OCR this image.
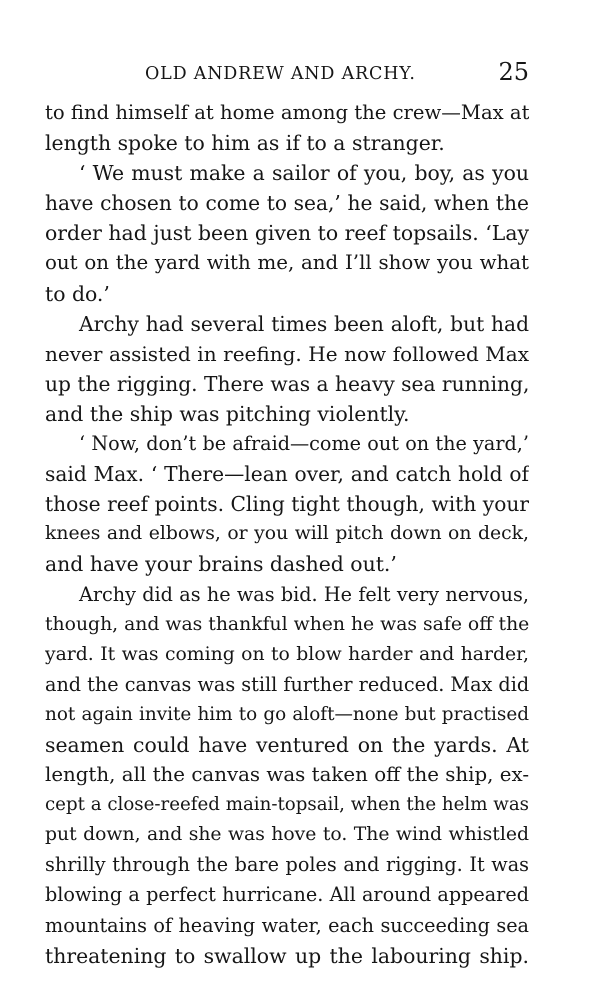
OLD ANDREW AND ARCHY.	25
to find himself at home among the crew—Max at
length spoke to him as if to a stranger.
‘ We must make a sailor of you, boy, as you
have chosen to come to sea,’ he said, when the
order had just been given to reef topsails. ‘Lay
out on the yard with me, and I’ll show you what
to do.’
Archy had several times been aloft, but had
never assisted in reefing. He now followed Max
up the rigging. There was a heavy sea running,
and the ship was pitching violently.
‘ Now, don’t be afraid—come out on the yard,’
said Max. ‘ There—lean over, and catch hold of
those reef points. Cling tight though, with your
knees and elbows, or you will pitch down on deck,
and have your brains dashed out.’
Archy did as he was bid. He felt very nervous,
though, and was thankful when he was safe off the
yard. It was coming on to blow harder and harder,
and the canvas was still further reduced. Max did
not again invite him to go aloft—none but practised
seamen could have ventured on the yards. At
length, all the canvas was taken off the ship, ex-
cept a close-reefed main-topsail, when the helm was
put down, and she was hove to. The wind whistled
shrilly through the bare poles and rigging. It was
blowing a perfect hurricane. All around appeared
mountains of heaving water, each succeeding sea
threatening to swallow up the labouring ship.
